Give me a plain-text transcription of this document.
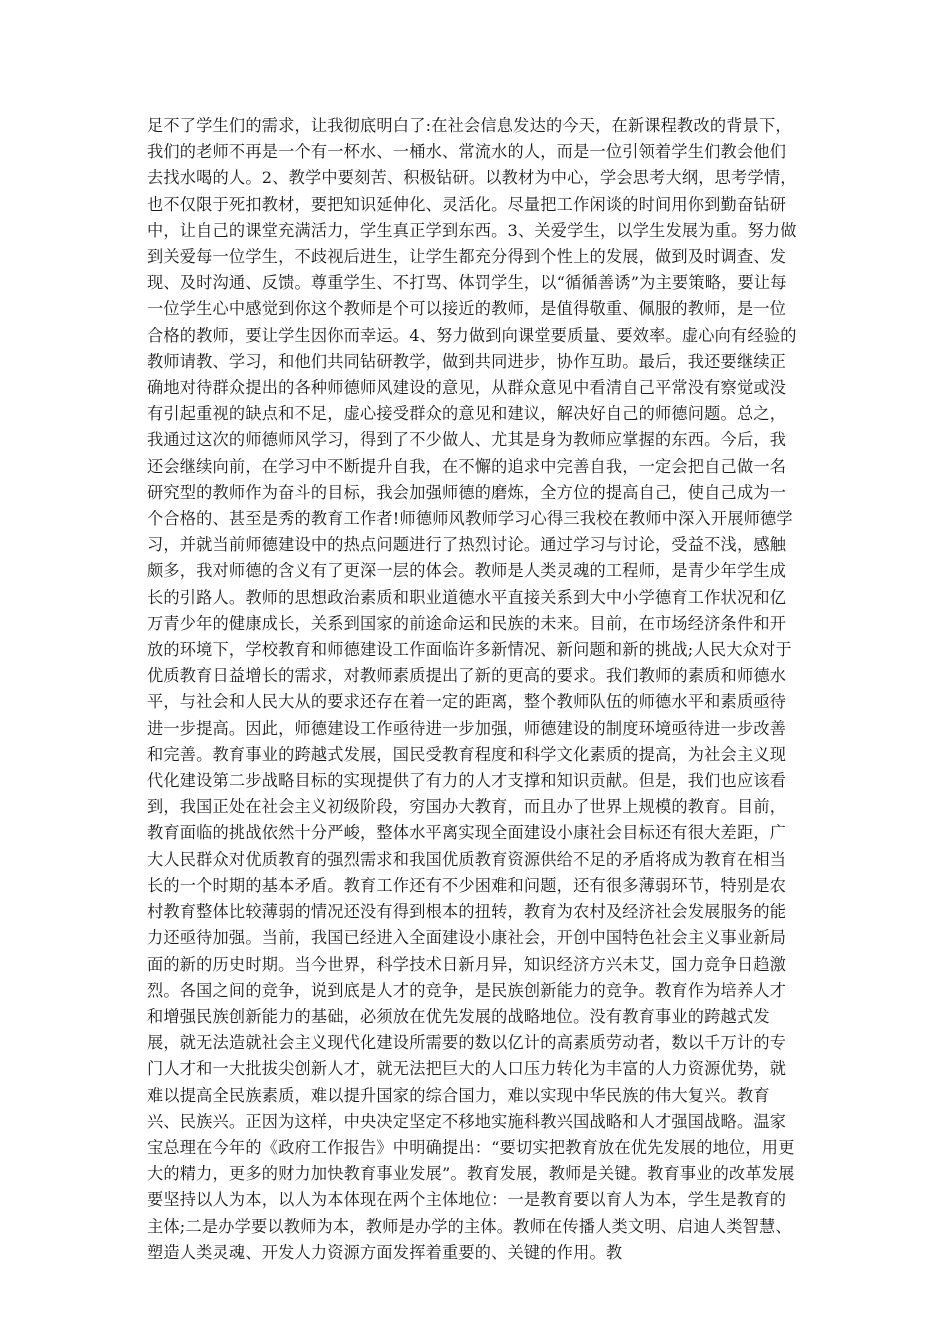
足不了学生们的需求，让我彻底明白了:在社会信息发达的今天，在新课程教改的背景下，我们的老师不再是一个有一杯水、一桶水、常流水的人，而是一位引领着学生们教会他们去找水喝的人。2、教学中要刻苦、积极钻研。以教材为中心，学会思考大纲，思考学情，也不仅限于死扣教材，要把知识延伸化、灵活化。尽量把工作闲谈的时间用你到勤奋钻研中，让自己的课堂充满活力，学生真正学到东西。3、关爱学生，以学生发展为重。努力做到关爱每一位学生，不歧视后进生，让学生都充分得到个性上的发展，做到及时调查、发现、及时沟通、反馈。尊重学生、不打骂、体罚学生，以“循循善诱”为主要策略，要让每一位学生心中感觉到你这个教师是个可以接近的教师，是值得敬重、佩服的教师，是一位合格的教师，要让学生因你而幸运。4、努力做到向课堂要质量、要效率。虚心向有经验的教师请教、学习，和他们共同钻研教学，做到共同进步，协作互助。最后，我还要继续正确地对待群众提出的各种师德师风建设的意见，从群众意见中看清自己平常没有察觉或没有引起重视的缺点和不足，虚心接受群众的意见和建议，解决好自己的师德问题。总之，我通过这次的师德师风学习，得到了不少做人、尤其是身为教师应掌握的东西。今后，我还会继续向前，在学习中不断提升自我，在不懈的追求中完善自我，一定会把自己做一名研究型的教师作为奋斗的目标，我会加强师德的磨炼，全方位的提高自己，使自己成为一个合格的、甚至是秀的教育工作者!师德师风教师学习心得三我校在教师中深入开展师德学习，并就当前师德建设中的热点问题进行了热烈讨论。通过学习与讨论，受益不浅，感触颇多，我对师德的含义有了更深一层的体会。教师是人类灵魂的工程师，是青少年学生成长的引路人。教师的思想政治素质和职业道德水平直接关系到大中小学德育工作状况和亿万青少年的健康成长，关系到国家的前途命运和民族的未来。目前，在市场经济条件和开放的环境下，学校教育和师德建设工作面临许多新情况、新问题和新的挑战;人民大众对于优质教育日益增长的需求，对教师素质提出了新的更高的要求。我们教师的素质和师德水平，与社会和人民大从的要求还存在着一定的距离，整个教师队伍的师德水平和素质亟待进一步提高。因此，师德建设工作亟待进一步加强，师德建设的制度环境亟待进一步改善和完善。教育事业的跨越式发展，国民受教育程度和科学文化素质的提高，为社会主义现代化建设第二步战略目标的实现提供了有力的人才支撑和知识贡献。但是，我们也应该看到，我国正处在社会主义初级阶段，穷国办大教育，而且办了世界上规模的教育。目前，教育面临的挑战依然十分严峻，整体水平离实现全面建设小康社会目标还有很大差距，广大人民群众对优质教育的强烈需求和我国优质教育资源供给不足的矛盾将成为教育在相当长的一个时期的基本矛盾。教育工作还有不少困难和问题，还有很多薄弱环节，特别是农村教育整体比较薄弱的情况还没有得到根本的扭转，教育为农村及经济社会发展服务的能力还亟待加强。当前，我国已经进入全面建设小康社会，开创中国特色社会主义事业新局面的新的历史时期。当今世界，科学技术日新月异，知识经济方兴未艾，国力竞争日趋激烈。各国之间的竞争，说到底是人才的竞争，是民族创新能力的竞争。教育作为培养人才和增强民族创新能力的基础，必须放在优先发展的战略地位。没有教育事业的跨越式发展，就无法造就社会主义现代化建设所需要的数以亿计的高素质劳动者，数以千万计的专门人才和一大批拔尖创新人才，就无法把巨大的人口压力转化为丰富的人力资源优势，就难以提高全民族素质，难以提升国家的综合国力，难以实现中华民族的伟大复兴。教育兴、民族兴。正因为这样，中央决定坚定不移地实施科教兴国战略和人才强国战略。温家宝总理在今年的《政府工作报告》中明确提出：“要切实把教育放在优先发展的地位，用更大的精力，更多的财力加快教育事业发展”。教育发展，教师是关键。教育事业的改革发展要坚持以人为本，以人为本体现在两个主体地位：一是教育要以育人为本，学生是教育的主体;二是办学要以教师为本，教师是办学的主体。教师在传播人类文明、启迪人类智慧、塑造人类灵魂、开发人力资源方面发挥着重要的、关键的作用。教
